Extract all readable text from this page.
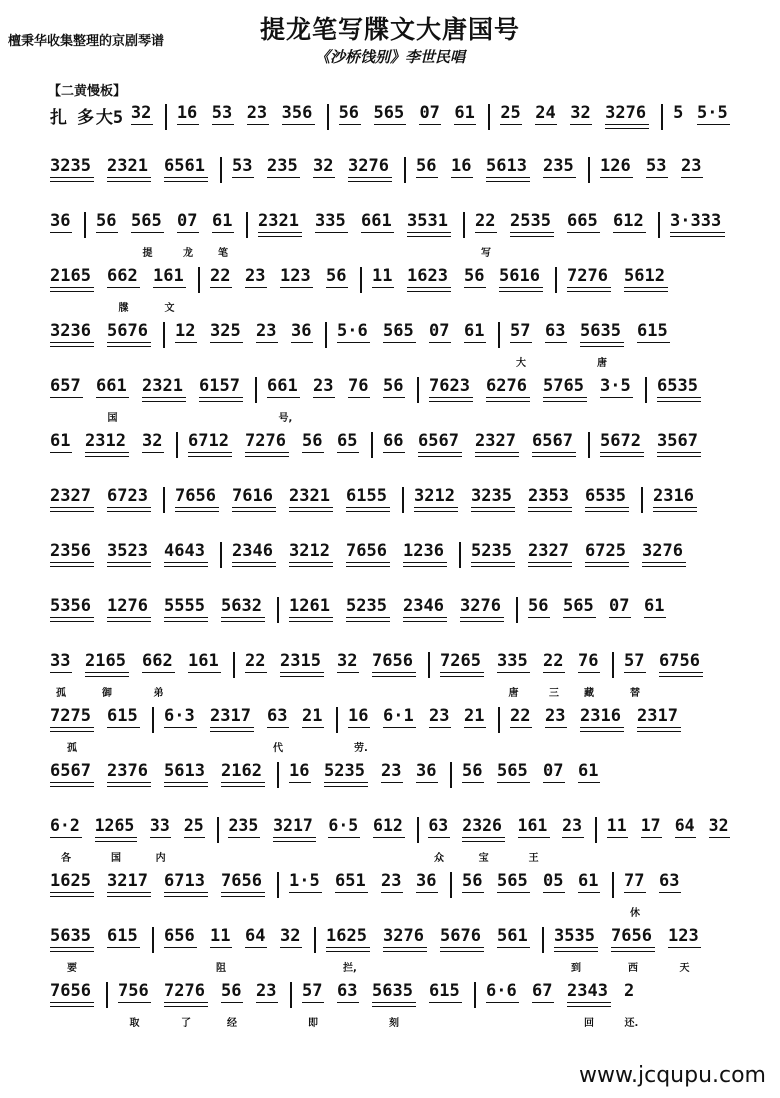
檀秉华收集整理的京剧琴谱	提龙笔写牒文大唐国号
《沙桥饯别》李世民唱
【二黄慢板】
扎 多 大5 32 16 53 23 356 56 565 07 61 25 24 32 3276 5 5·5
3235 2321 6561 53 235 32 3276 56 16 5613 235 126 53 23
36 56 565 07 61 2321 335 661 3531 22 2535 665 612 3·333
提	龙	笔	写
2165 662 161 22 23 123 56 11 1623 56 5616 7276 5612
牒	文
3236 5676 12 325 23 36 5·6 565 07 61 57 63 5635 615
大	唐
657 661 2321 6157 661 23 76 56 7623 6276 5765 3·5 6535
国	号,
61 2312 32 6712 7276 56 65 66 6567 2327 6567 5672 3567
2327 6723 7656 7616 2321 6155 3212 3235 2353 6535 2316
2356 3523 4643 2346 3212 7656 1236 5235 2327 6725 3276
5356 1276 5555 5632 1261 5235 2346 3276 56 565 07 61
33 2165 662 161 22 2315 32 7656 7265 335 22 76 57 6756
孤	御	弟	唐	三	藏	替
7275 615 6·3 2317 63 21 16 6·1 23 21 22 23 2316 2317
孤	代	劳.
6567 2376 5613 2162 16 5235 23 36 56 565 07 61
6·2 1265 33 25 235 3217 6·5 612 63 2326 161 23 11 17 64 32
各	国	内	众	宝	王
1625 3217 6713 7656 1·5 651 23 36 56 565 05 61 77 63
休
5635 615 656 11 64 32 1625 3276 5676 561 3535 7656 123
要	阻	拦,	到	西	天
7656 756 7276 56 23 57 63 5635 615 6·6 67 2343 2
取	了	经	即	刻	回	还.
www.jcqupu.com
